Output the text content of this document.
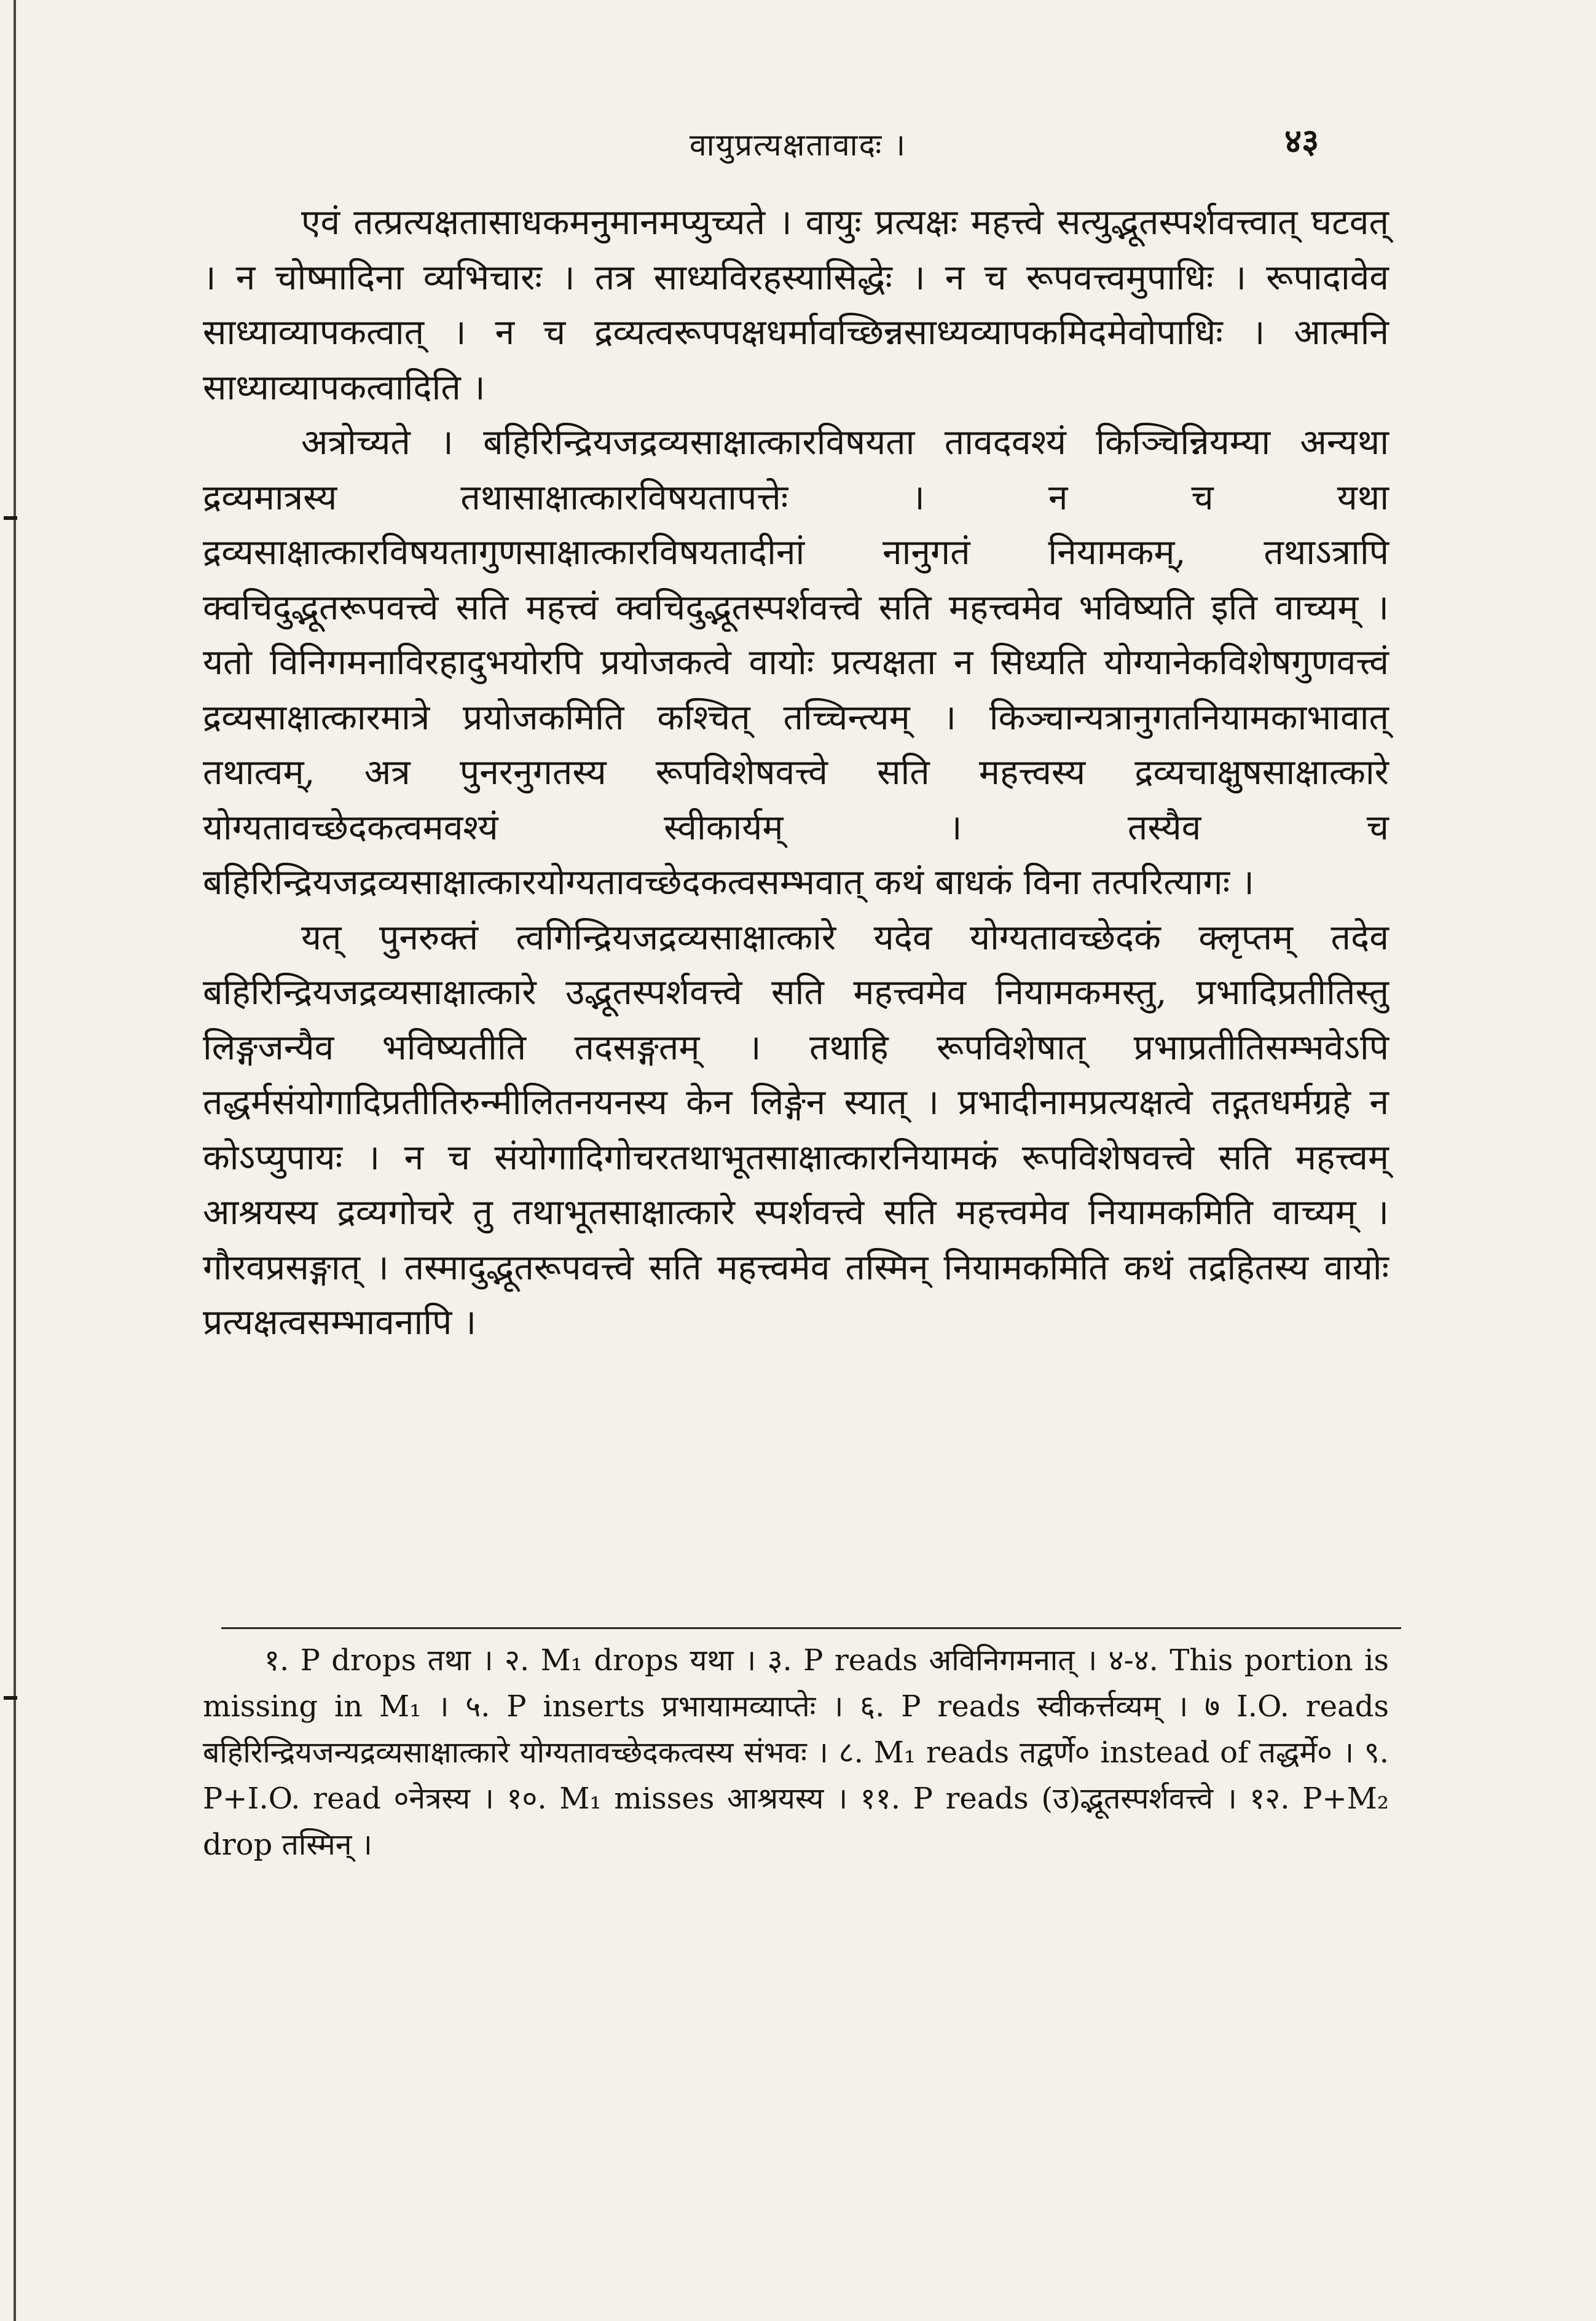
वायुप्रत्यक्षतावादः ।	४३

एवं तत्प्रत्यक्षतासाधकमनुमानमप्युच्यते । वायुः प्रत्यक्षः महत्त्वे सत्युद्भूतस्पर्शवत्त्वात् घटवत् । न चोष्मादिना व्यभिचारः । तत्र साध्यविरहस्यासिद्धेः । न च रूपवत्त्वमुपाधिः । रूपादावेव साध्याव्यापकत्वात् । न च द्रव्यत्वरूपपक्षधर्मावच्छिन्नसाध्यव्यापकमिदमेवोपाधिः । आत्मनि साध्याव्यापकत्वादिति ।

अत्रोच्यते । बहिरिन्द्रियजद्रव्यसाक्षात्कारविषयता तावदवश्यं किञ्चिन्नियम्या अन्यथा द्रव्यमात्रस्य तथासाक्षात्कारविषयतापत्तेः । न च यथा द्रव्यसाक्षात्कारविषयतागुणसाक्षात्कारविषयतादीनां नानुगतं नियामकम्, तथाऽत्रापि क्वचिदुद्भूतरूपवत्त्वे सति महत्त्वं क्वचिदुद्भूतस्पर्शवत्त्वे सति महत्त्वमेव भविष्यति इति वाच्यम् । यतो विनिगमनाविरहादुभयोरपि प्रयोजकत्वे वायोः प्रत्यक्षता न सिध्यति योग्यानेकविशेषगुणवत्त्वं द्रव्यसाक्षात्कारमात्रे प्रयोजकमिति कश्चित् तच्चिन्त्यम् । किञ्चान्यत्रानुगतनियामकाभावात् तथात्वम्, अत्र पुनरनुगतस्य रूपविशेषवत्त्वे सति महत्त्वस्य द्रव्यचाक्षुषसाक्षात्कारे योग्यतावच्छेदकत्वमवश्यं स्वीकार्यम् । तस्यैव च बहिरिन्द्रियजद्रव्यसाक्षात्कारयोग्यतावच्छेदकत्वसम्भवात् कथं बाधकं विना तत्परित्यागः ।

यत् पुनरुक्तं त्वगिन्द्रियजद्रव्यसाक्षात्कारे यदेव योग्यतावच्छेदकं क्लृप्तम् तदेव बहिरिन्द्रियजद्रव्यसाक्षात्कारे उद्भूतस्पर्शवत्त्वे सति महत्त्वमेव नियामकमस्तु, प्रभादिप्रतीतिस्तु लिङ्गजन्यैव भविष्यतीति तदसङ्गतम् । तथाहि रूपविशेषात् प्रभाप्रतीतिसम्भवेऽपि तद्धर्मसंयोगादिप्रतीतिरुन्मीलितनयनस्य केन लिङ्गेन स्यात् । प्रभादीनामप्रत्यक्षत्वे तद्गतधर्मग्रहे न कोऽप्युपायः । न च संयोगादिगोचरतथाभूतसाक्षात्कारनियामकं रूपविशेषवत्त्वे सति महत्त्वम् आश्रयस्य द्रव्यगोचरे तु तथाभूतसाक्षात्कारे स्पर्शवत्त्वे सति महत्त्वमेव नियामकमिति वाच्यम् । गौरवप्रसङ्गात् । तस्मादुद्भूतरूपवत्त्वे सति महत्त्वमेव तस्मिन् नियामकमिति कथं तद्रहितस्य वायोः प्रत्यक्षत्वसम्भावनापि ।

१. P drops तथा । २. M₁ drops यथा । ३. P reads अविनिगमनात् । ४-४. This portion is missing in M₁ । ५. P inserts प्रभायामव्याप्तेः । ६. P reads स्वीकर्त्तव्यम् । ७ I.O. reads बहिरिन्द्रियजन्यद्रव्यसाक्षात्कारे योग्यतावच्छेदकत्वस्य संभवः । ८. M₁ reads तद्वर्णे० instead of तद्धर्मे० । ९. P+I.O. read ०नेत्रस्य । १०. M₁ misses आश्रयस्य । ११. P reads (उ)द्भूतस्पर्शवत्त्वे । १२. P+M₂ drop तस्मिन् ।
